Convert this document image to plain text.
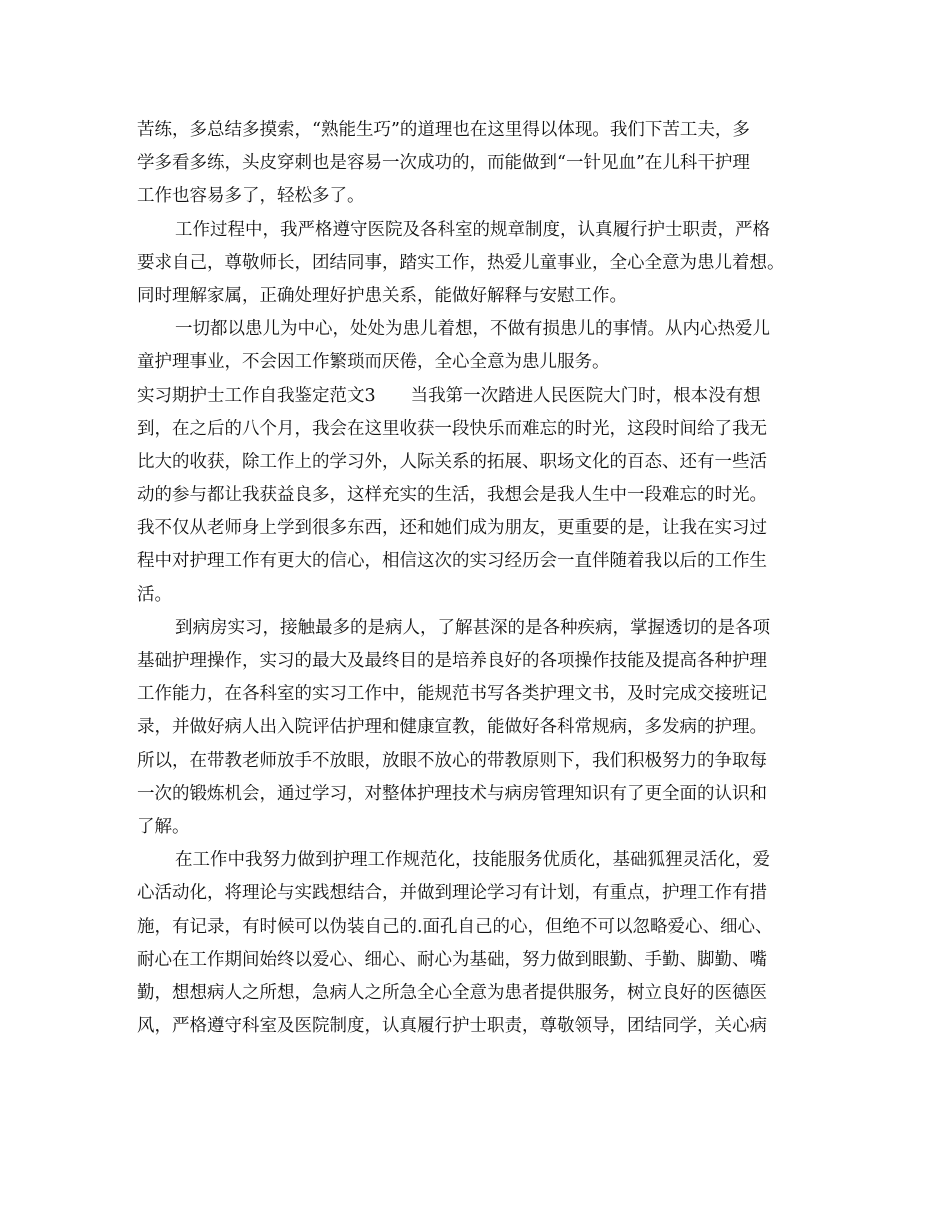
苦练，多总结多摸索，“熟能生巧”的道理也在这里得以体现。我们下苦工夫，多
学多看多练，头皮穿刺也是容易一次成功的，而能做到“一针见血”在儿科干护理
工作也容易多了，轻松多了。
工作过程中，我严格遵守医院及各科室的规章制度，认真履行护士职责，严格
要求自己，尊敬师长，团结同事，踏实工作，热爱儿童事业，全心全意为患儿着想。
同时理解家属，正确处理好护患关系，能做好解释与安慰工作。
一切都以患儿为中心，处处为患儿着想，不做有损患儿的事情。从内心热爱儿
童护理事业，不会因工作繁琐而厌倦，全心全意为患儿服务。
实习期护士工作自我鉴定范文3　　当我第一次踏进人民医院大门时，根本没有想
到，在之后的八个月，我会在这里收获一段快乐而难忘的时光，这段时间给了我无
比大的收获，除工作上的学习外，人际关系的拓展、职场文化的百态、还有一些活
动的参与都让我获益良多，这样充实的生活，我想会是我人生中一段难忘的时光。
我不仅从老师身上学到很多东西，还和她们成为朋友，更重要的是，让我在实习过
程中对护理工作有更大的信心，相信这次的实习经历会一直伴随着我以后的工作生
活。
到病房实习，接触最多的是病人，了解甚深的是各种疾病，掌握透切的是各项
基础护理操作，实习的最大及最终目的是培养良好的各项操作技能及提高各种护理
工作能力，在各科室的实习工作中，能规范书写各类护理文书，及时完成交接班记
录，并做好病人出入院评估护理和健康宣教，能做好各科常规病，多发病的护理。
所以，在带教老师放手不放眼，放眼不放心的带教原则下，我们积极努力的争取每
一次的锻炼机会，通过学习，对整体护理技术与病房管理知识有了更全面的认识和
了解。
在工作中我努力做到护理工作规范化，技能服务优质化，基础狐狸灵活化，爱
心活动化，将理论与实践想结合，并做到理论学习有计划，有重点，护理工作有措
施，有记录，有时候可以伪装自己的.面孔自己的心，但绝不可以忽略爱心、细心、
耐心在工作期间始终以爱心、细心、耐心为基础，努力做到眼勤、手勤、脚勤、嘴
勤，想想病人之所想，急病人之所急全心全意为患者提供服务，树立良好的医德医
风，严格遵守科室及医院制度，认真履行护士职责，尊敬领导，团结同学，关心病
